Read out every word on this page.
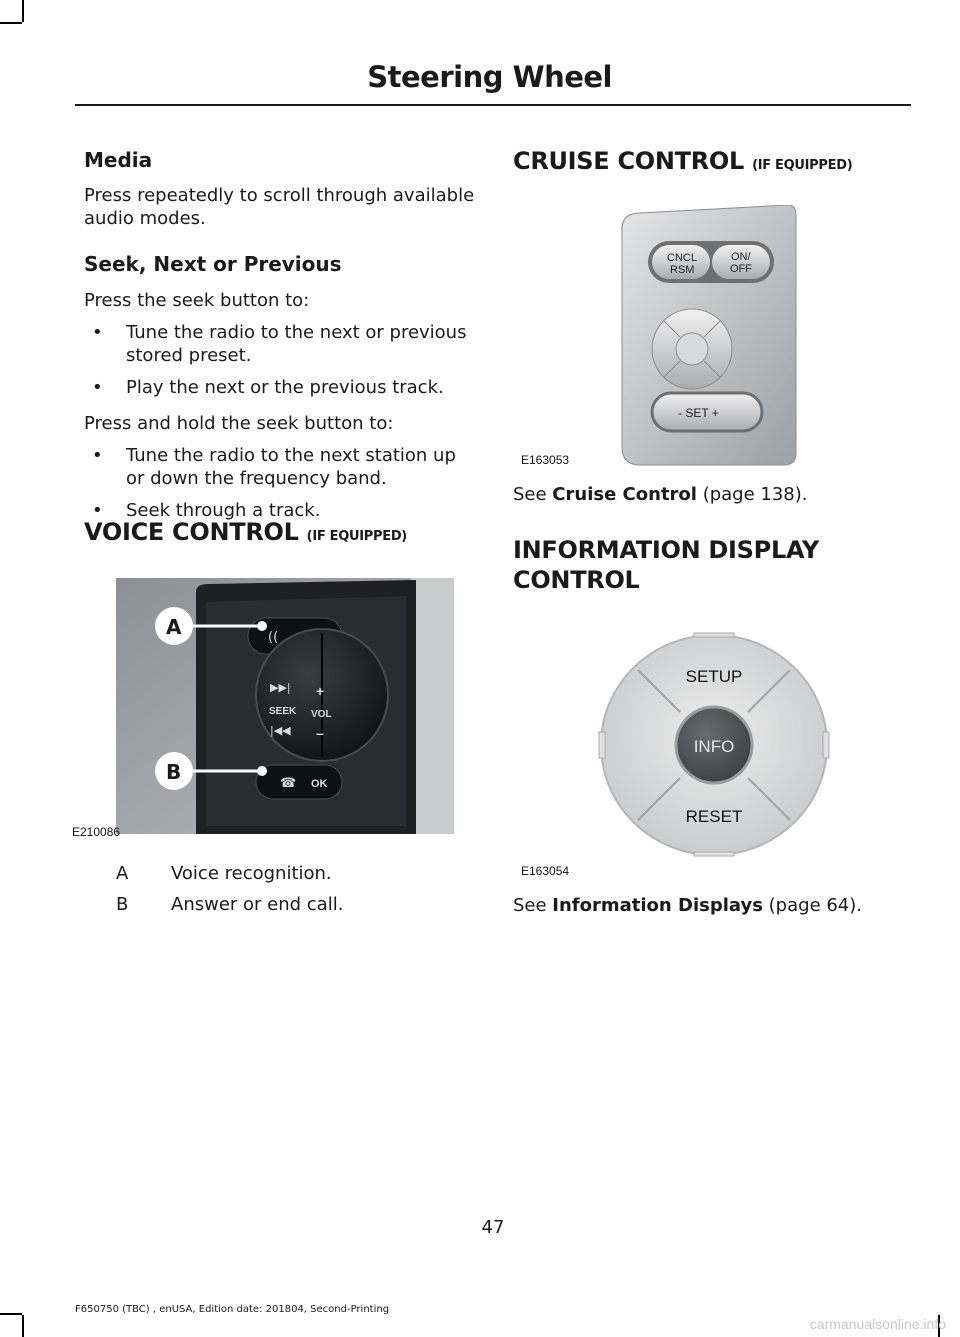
Steering Wheel

Media

Press repeatedly to scroll through available audio modes.

Seek, Next or Previous

Press the seek button to:

• Tune the radio to the next or previous stored preset.
• Play the next or the previous track.

Press and hold the seek button to:

• Tune the radio to the next station up or down the frequency band.
• Seek through a track.

VOICE CONTROL (IF EQUIPPED)

((
SEEK VOL
+
–
▶▶|
|◀◀
OK
☎
A
B
E210086
A Voice recognition.
B Answer or end call.

CRUISE CONTROL (IF EQUIPPED)

CNCL
RSM
ON/
OFF
- SET +
E163053
See Cruise Control (page 138).

INFORMATION DISPLAY

CONTROL

SETUP
INFO
RESET
E163054
See Information Displays (page 64).
47
F650750 (TBC) , enUSA, Edition date: 201804, Second-Printing
carmanualsonline.info
